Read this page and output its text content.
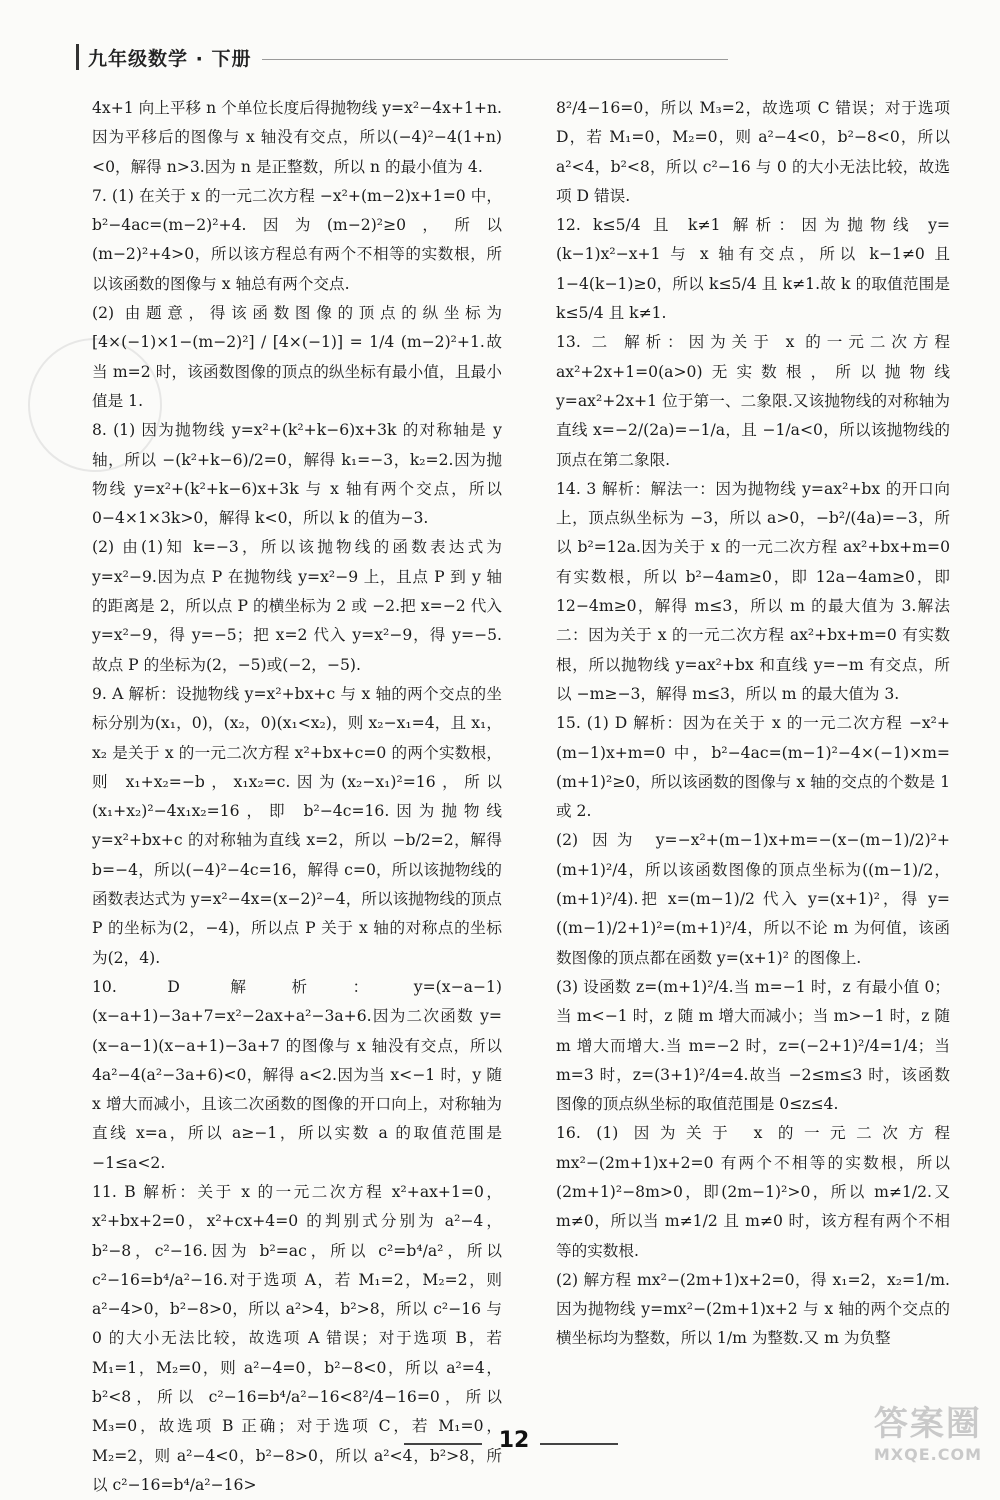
九年级数学 · 下册

4x+1 向上平移 n 个单位长度后得抛物线 y=x²−4x+1+n.因为平移后的图像与 x 轴没有交点，所以(−4)²−4(1+n)<0，解得 n>3.因为 n 是正整数，所以 n 的最小值为 4.

7. (1) 在关于 x 的一元二次方程 −x²+(m−2)x+1=0 中，b²−4ac=(m−2)²+4.因为(m−2)²≥0，所以(m−2)²+4>0，所以该方程总有两个不相等的实数根，所以该函数的图像与 x 轴总有两个交点.

(2) 由题意，得该函数图像的顶点的纵坐标为 [4×(−1)×1−(m−2)²] / [4×(−1)] = 1/4 (m−2)²+1.故当 m=2 时，该函数图像的顶点的纵坐标有最小值，且最小值是 1.

8. (1) 因为抛物线 y=x²+(k²+k−6)x+3k 的对称轴是 y 轴，所以 −(k²+k−6)/2=0，解得 k₁=−3，k₂=2.因为抛物线 y=x²+(k²+k−6)x+3k 与 x 轴有两个交点，所以 0−4×1×3k>0，解得 k<0，所以 k 的值为−3.

(2) 由(1)知 k=−3，所以该抛物线的函数表达式为 y=x²−9.因为点 P 在抛物线 y=x²−9 上，且点 P 到 y 轴的距离是 2，所以点 P 的横坐标为 2 或 −2.把 x=−2 代入 y=x²−9，得 y=−5；把 x=2 代入 y=x²−9，得 y=−5.故点 P 的坐标为(2，−5)或(−2，−5).

9. A 解析：设抛物线 y=x²+bx+c 与 x 轴的两个交点的坐标分别为(x₁，0)，(x₂，0)(x₁<x₂)，则 x₂−x₁=4，且 x₁，x₂ 是关于 x 的一元二次方程 x²+bx+c=0 的两个实数根，则 x₁+x₂=−b，x₁x₂=c.因为(x₂−x₁)²=16，所以(x₁+x₂)²−4x₁x₂=16，即 b²−4c=16.因为抛物线 y=x²+bx+c 的对称轴为直线 x=2，所以 −b/2=2，解得 b=−4，所以(−4)²−4c=16，解得 c=0，所以该抛物线的函数表达式为 y=x²−4x=(x−2)²−4，所以该抛物线的顶点 P 的坐标为(2，−4)，所以点 P 关于 x 轴的对称点的坐标为(2，4).

10. D 解析：y=(x−a−1)(x−a+1)−3a+7=x²−2ax+a²−3a+6.因为二次函数 y=(x−a−1)(x−a+1)−3a+7 的图像与 x 轴没有交点，所以 4a²−4(a²−3a+6)<0，解得 a<2.因为当 x<−1 时，y 随 x 增大而减小，且该二次函数的图像的开口向上，对称轴为直线 x=a，所以 a≥−1，所以实数 a 的取值范围是 −1≤a<2.

11. B 解析：关于 x 的一元二次方程 x²+ax+1=0，x²+bx+2=0，x²+cx+4=0 的判别式分别为 a²−4，b²−8，c²−16.因为 b²=ac，所以 c²=b⁴/a²，所以 c²−16=b⁴/a²−16.对于选项 A，若 M₁=2，M₂=2，则 a²−4>0，b²−8>0，所以 a²>4，b²>8，所以 c²−16 与 0 的大小无法比较，故选项 A 错误；对于选项 B，若 M₁=1，M₂=0，则 a²−4=0，b²−8<0，所以 a²=4，b²<8，所以 c²−16=b⁴/a²−16<8²/4−16=0，所以 M₃=0，故选项 B 正确；对于选项 C，若 M₁=0，M₂=2，则 a²−4<0，b²−8>0，所以 a²<4，b²>8，所以 c²−16=b⁴/a²−16>

8²/4−16=0，所以 M₃=2，故选项 C 错误；对于选项 D，若 M₁=0，M₂=0，则 a²−4<0，b²−8<0，所以 a²<4，b²<8，所以 c²−16 与 0 的大小无法比较，故选项 D 错误.

12. k≤5/4 且 k≠1 解析：因为抛物线 y=(k−1)x²−x+1 与 x 轴有交点，所以 k−1≠0 且 1−4(k−1)≥0，所以 k≤5/4 且 k≠1.故 k 的取值范围是 k≤5/4 且 k≠1.

13. 二 解析：因为关于 x 的一元二次方程 ax²+2x+1=0(a>0)无实数根，所以抛物线 y=ax²+2x+1 位于第一、二象限.又该抛物线的对称轴为直线 x=−2/(2a)=−1/a，且 −1/a<0，所以该抛物线的顶点在第二象限.

14. 3 解析：解法一：因为抛物线 y=ax²+bx 的开口向上，顶点纵坐标为 −3，所以 a>0，−b²/(4a)=−3，所以 b²=12a.因为关于 x 的一元二次方程 ax²+bx+m=0 有实数根，所以 b²−4am≥0，即 12a−4am≥0，即 12−4m≥0，解得 m≤3，所以 m 的最大值为 3.解法二：因为关于 x 的一元二次方程 ax²+bx+m=0 有实数根，所以抛物线 y=ax²+bx 和直线 y=−m 有交点，所以 −m≥−3，解得 m≤3，所以 m 的最大值为 3.

15. (1) D 解析：因为在关于 x 的一元二次方程 −x²+(m−1)x+m=0 中，b²−4ac=(m−1)²−4×(−1)×m=(m+1)²≥0，所以该函数的图像与 x 轴的交点的个数是 1 或 2.

(2) 因为 y=−x²+(m−1)x+m=−(x−(m−1)/2)²+(m+1)²/4，所以该函数图像的顶点坐标为((m−1)/2，(m+1)²/4).把 x=(m−1)/2 代入 y=(x+1)²，得 y=((m−1)/2+1)²=(m+1)²/4，所以不论 m 为何值，该函数图像的顶点都在函数 y=(x+1)² 的图像上.

(3) 设函数 z=(m+1)²/4.当 m=−1 时，z 有最小值 0；当 m<−1 时，z 随 m 增大而减小；当 m>−1 时，z 随 m 增大而增大.当 m=−2 时，z=(−2+1)²/4=1/4；当 m=3 时，z=(3+1)²/4=4.故当 −2≤m≤3 时，该函数图像的顶点纵坐标的取值范围是 0≤z≤4.

16. (1) 因为关于 x 的一元二次方程 mx²−(2m+1)x+2=0 有两个不相等的实数根，所以(2m+1)²−8m>0，即(2m−1)²>0，所以 m≠1/2.又 m≠0，所以当 m≠1/2 且 m≠0 时，该方程有两个不相等的实数根.

(2) 解方程 mx²−(2m+1)x+2=0，得 x₁=2，x₂=1/m.因为抛物线 y=mx²−(2m+1)x+2 与 x 轴的两个交点的横坐标均为整数，所以 1/m 为整数.又 m 为负整

12	答案圈
MXQE.COM
